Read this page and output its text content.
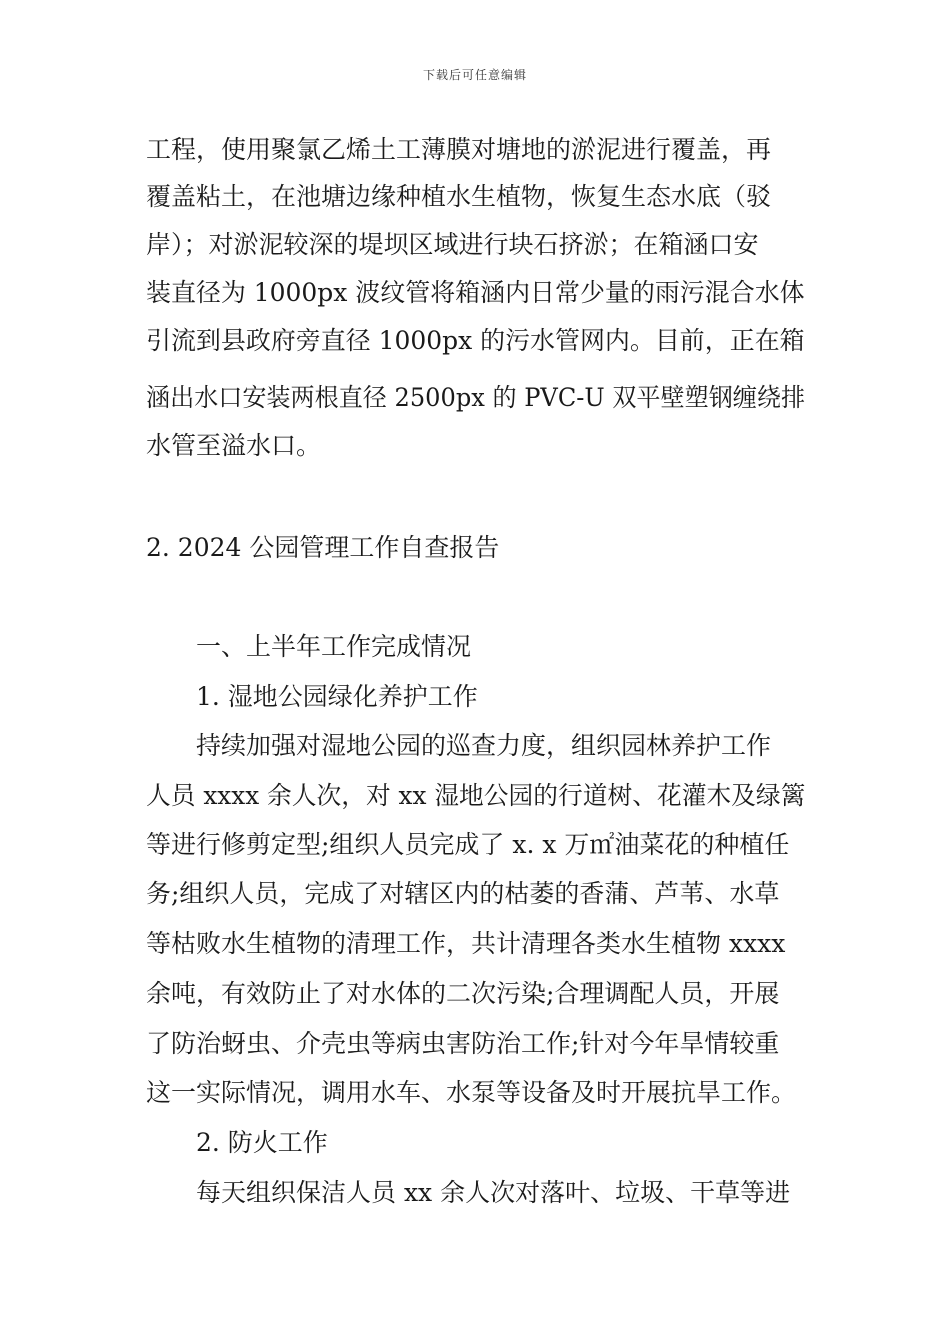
下载后可任意编辑
工程，使用聚氯乙烯土工薄膜对塘地的淤泥进行覆盖，再
覆盖粘土，在池塘边缘种植水生植物，恢复生态水底（驳
岸）；对淤泥较深的堤坝区域进行块石挤淤；在箱涵口安
装直径为 1000px 波纹管将箱涵内日常少量的雨污混合水体
引流到县政府旁直径 1000px 的污水管网内。目前，正在箱
涵出水口安装两根直径 2500px 的 PVC-U 双平壁塑钢缠绕排
水管至溢水口。
2. 2024 公园管理工作自查报告
一、上半年工作完成情况
1. 湿地公园绿化养护工作
持续加强对湿地公园的巡查力度，组织园林养护工作
人员 xxxx 余人次，对 xx 湿地公园的行道树、花灌木及绿篱
等进行修剪定型;组织人员完成了 x. x 万㎡油菜花的种植任
务;组织人员，完成了对辖区内的枯萎的香蒲、芦苇、水草
等枯败水生植物的清理工作，共计清理各类水生植物 xxxx
余吨，有效防止了对水体的二次污染;合理调配人员，开展
了防治蚜虫、介壳虫等病虫害防治工作;针对今年旱情较重
这一实际情况，调用水车、水泵等设备及时开展抗旱工作。
2. 防火工作
每天组织保洁人员 xx 余人次对落叶、垃圾、干草等进
